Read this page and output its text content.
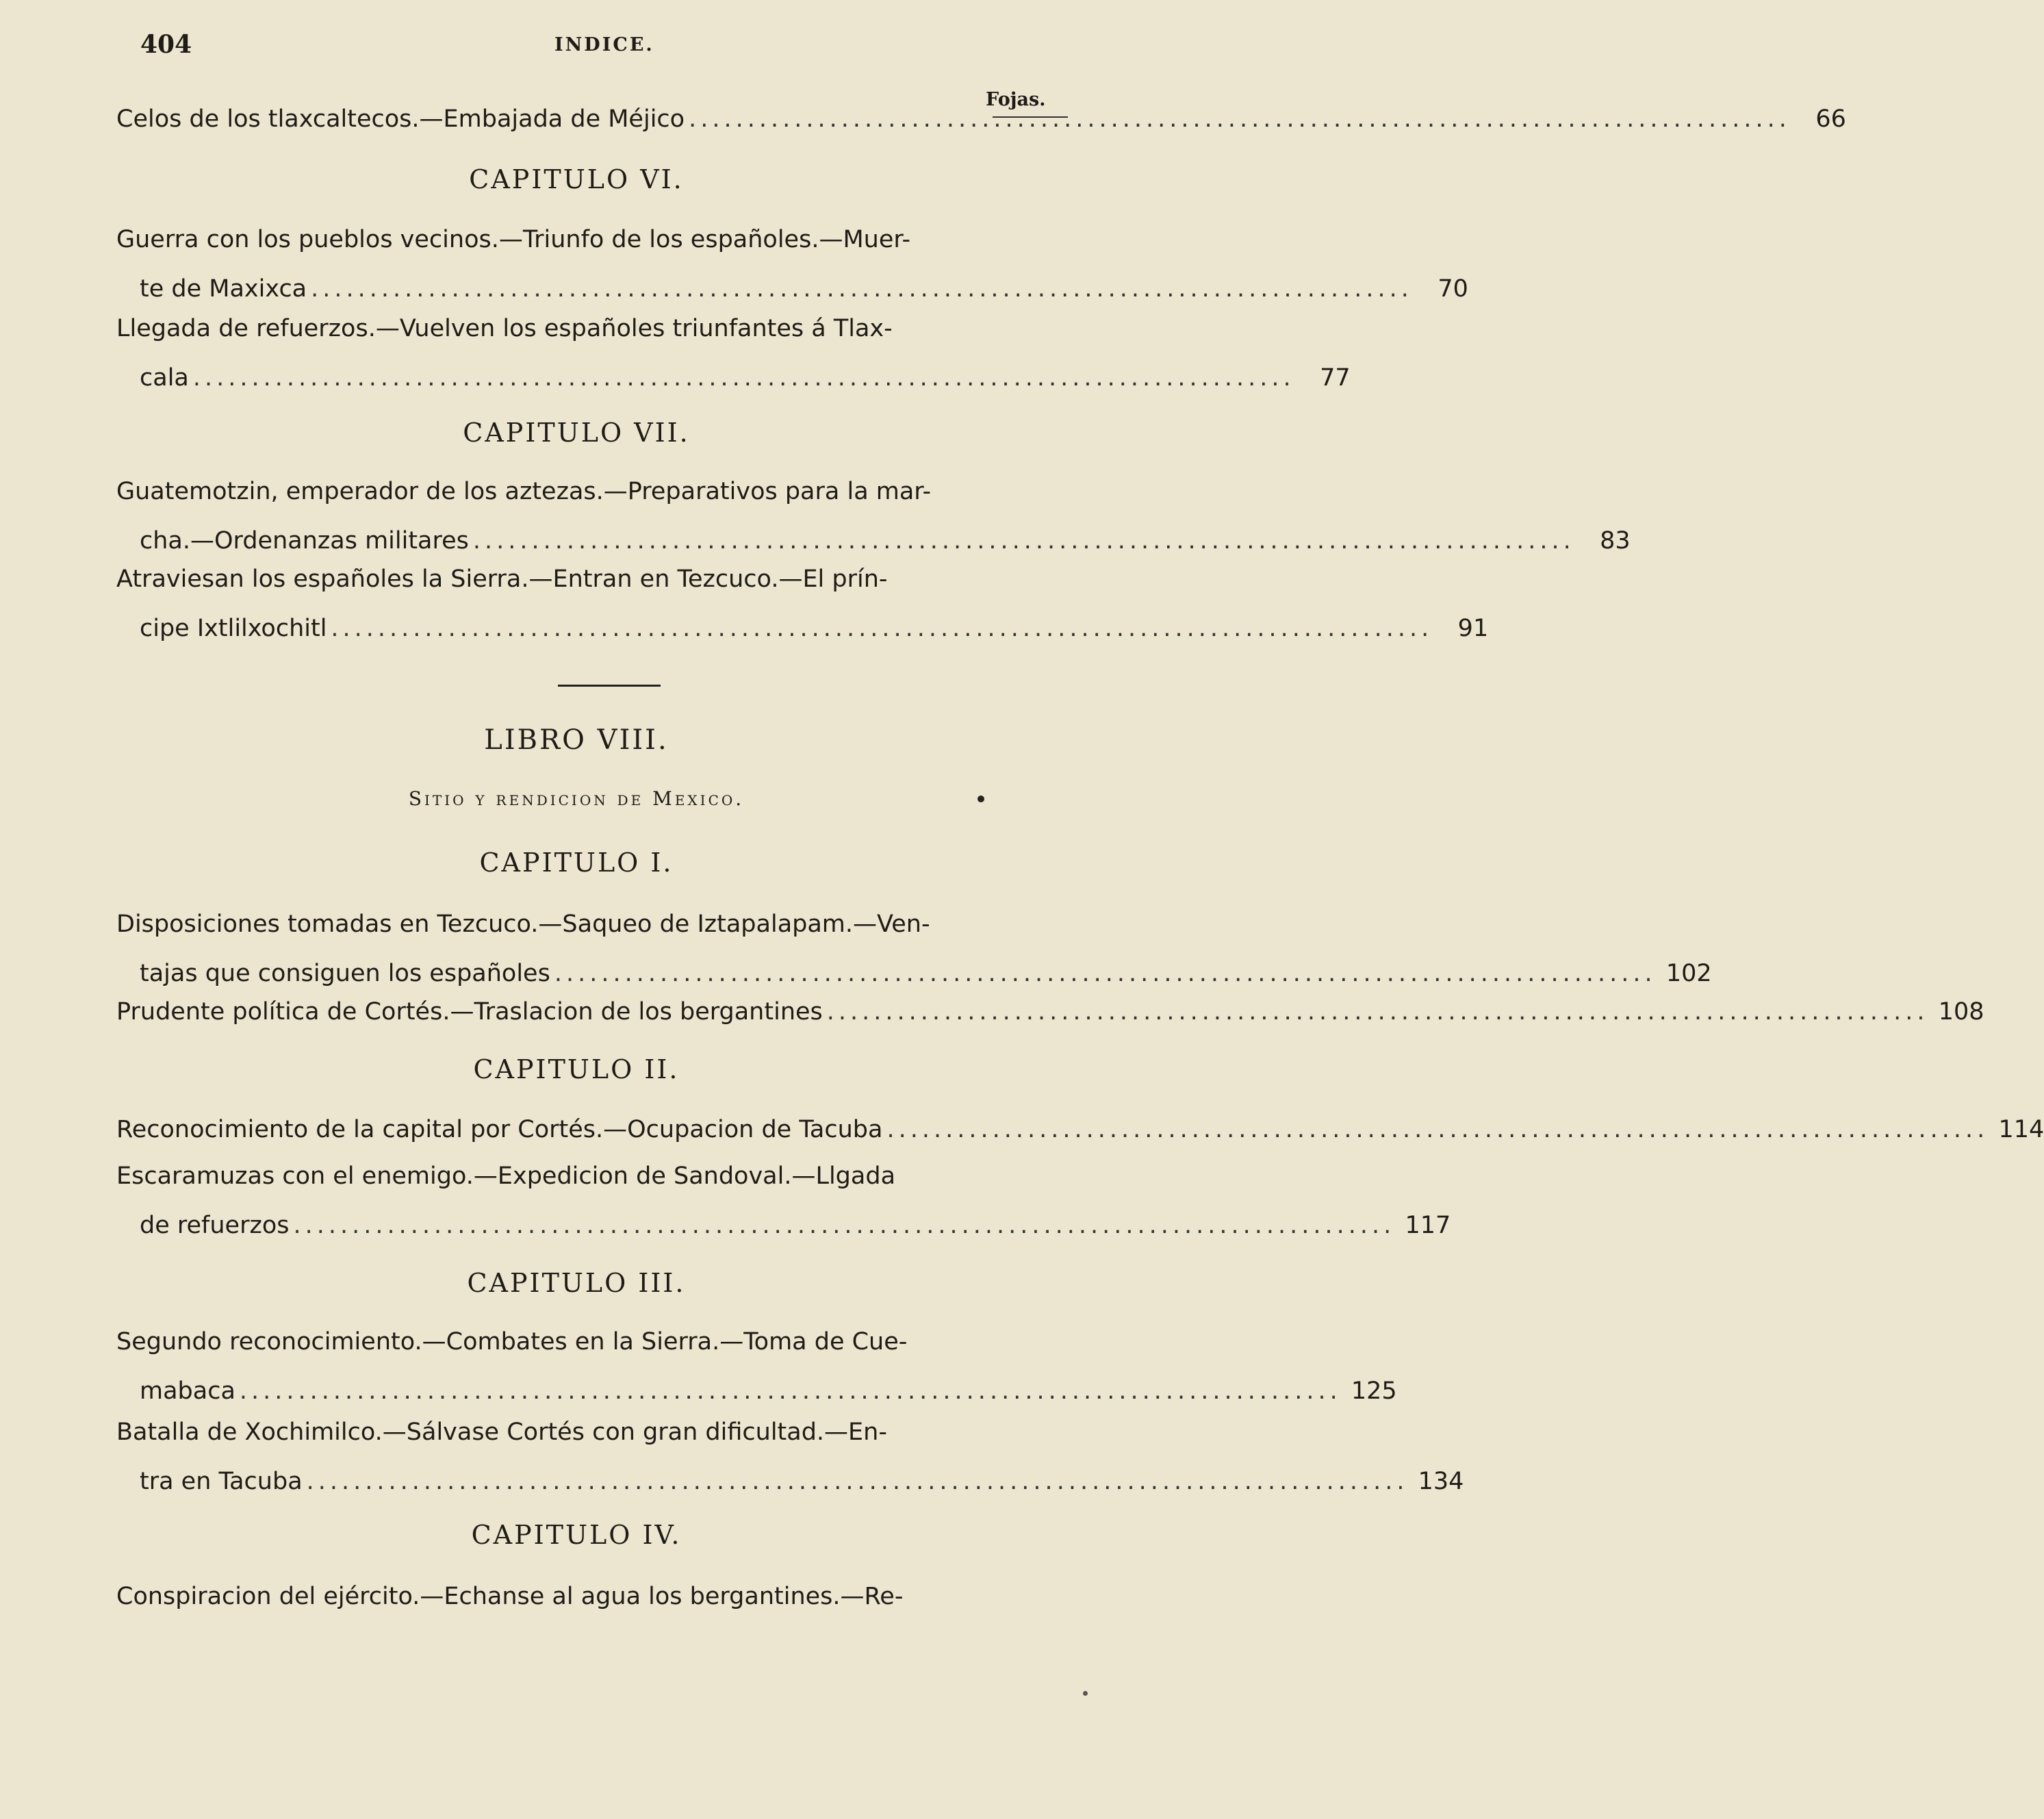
404	INDICE.
Fojas.
Celos de los tlaxcaltecos.—Embajada de Méjico ..............................................................................................	66
CAPITULO VI.
Guerra con los pueblos vecinos.—Triunfo de los españoles.—Muer-
te de Maxixca ..............................................................................................	70
Llegada de refuerzos.—Vuelven los españoles triunfantes á Tlax-
cala ..............................................................................................	77
CAPITULO VII.
Guatemotzin, emperador de los aztezas.—Preparativos para la mar-
cha.—Ordenanzas militares ..............................................................................................	83
Atraviesan los españoles la Sierra.—Entran en Tezcuco.—El prín-
cipe Ixtlilxochitl ..............................................................................................	91
LIBRO VIII.
Sitio y rendicion de Mexico.
CAPITULO I.
Disposiciones tomadas en Tezcuco.—Saqueo de Iztapalapam.—Ven-
tajas que consiguen los españoles .............................................................................................. 102
Prudente política de Cortés.—Traslacion de los bergantines .............................................................................................. 108
CAPITULO II.
Reconocimiento de la capital por Cortés.—Ocupacion de Tacuba .............................................................................................. 114
Escaramuzas con el enemigo.—Expedicion de Sandoval.—Llgada
de refuerzos .............................................................................................. 117
CAPITULO III.
Segundo reconocimiento.—Combates en la Sierra.—Toma de Cue-
mabaca .............................................................................................. 125
Batalla de Xochimilco.—Sálvase Cortés con gran dificultad.—En-
tra en Tacuba .............................................................................................. 134
CAPITULO IV.
Conspiracion del ejército.—Echanse al agua los bergantines.—Re-
